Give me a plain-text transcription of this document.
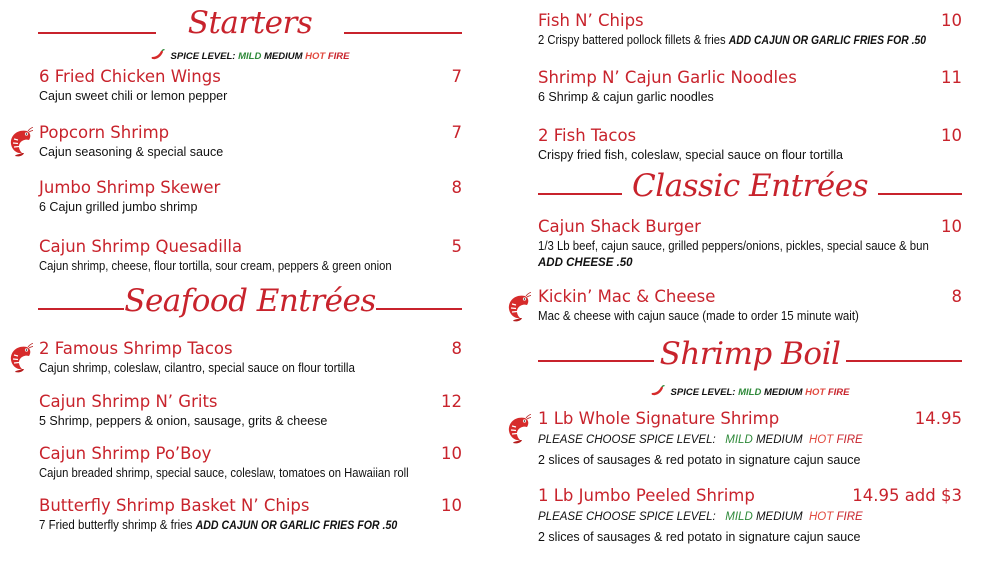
Starters
SPICE LEVEL: MILD MEDIUM HOT FIRE
6 Fried Chicken Wings	7
Cajun sweet chili or lemon pepper
Popcorn Shrimp	7
Cajun seasoning & special sauce
Jumbo Shrimp Skewer	8
6 Cajun grilled jumbo shrimp
Cajun Shrimp Quesadilla	5
Cajun shrimp, cheese, flour tortilla, sour cream, peppers & green onion
Seafood Entrées
2 Famous Shrimp Tacos	8
Cajun shrimp, coleslaw, cilantro, special sauce on flour tortilla
Cajun Shrimp N’ Grits	12
5 Shrimp, peppers & onion, sausage, grits & cheese
Cajun Shrimp Po’Boy	10
Cajun breaded shrimp, special sauce, coleslaw, tomatoes on Hawaiian roll
Butterfly Shrimp Basket N’ Chips	10
7 Fried butterfly shrimp & fries ADD CAJUN OR GARLIC FRIES FOR .50
Fish N’ Chips	10
2 Crispy battered pollock fillets & fries ADD CAJUN OR GARLIC FRIES FOR .50
Shrimp N’ Cajun Garlic Noodles	11
6 Shrimp & cajun garlic noodles
2 Fish Tacos	10
Crispy fried fish, coleslaw, special sauce on flour tortilla
Classic Entrées
Cajun Shack Burger	10
1/3 Lb beef, cajun sauce, grilled peppers/onions, pickles, special sauce & bun
ADD CHEESE .50
Kickin’ Mac & Cheese	8
Mac & cheese with cajun sauce (made to order 15 minute wait)
Shrimp Boil
SPICE LEVEL: MILD MEDIUM HOT FIRE
1 Lb Whole Signature Shrimp	14.95
PLEASE CHOOSE SPICE LEVEL: MILD MEDIUM HOT FIRE
2 slices of sausages & red potato in signature cajun sauce
1 Lb Jumbo Peeled Shrimp	14.95 add $3
PLEASE CHOOSE SPICE LEVEL: MILD MEDIUM HOT FIRE
2 slices of sausages & red potato in signature cajun sauce
